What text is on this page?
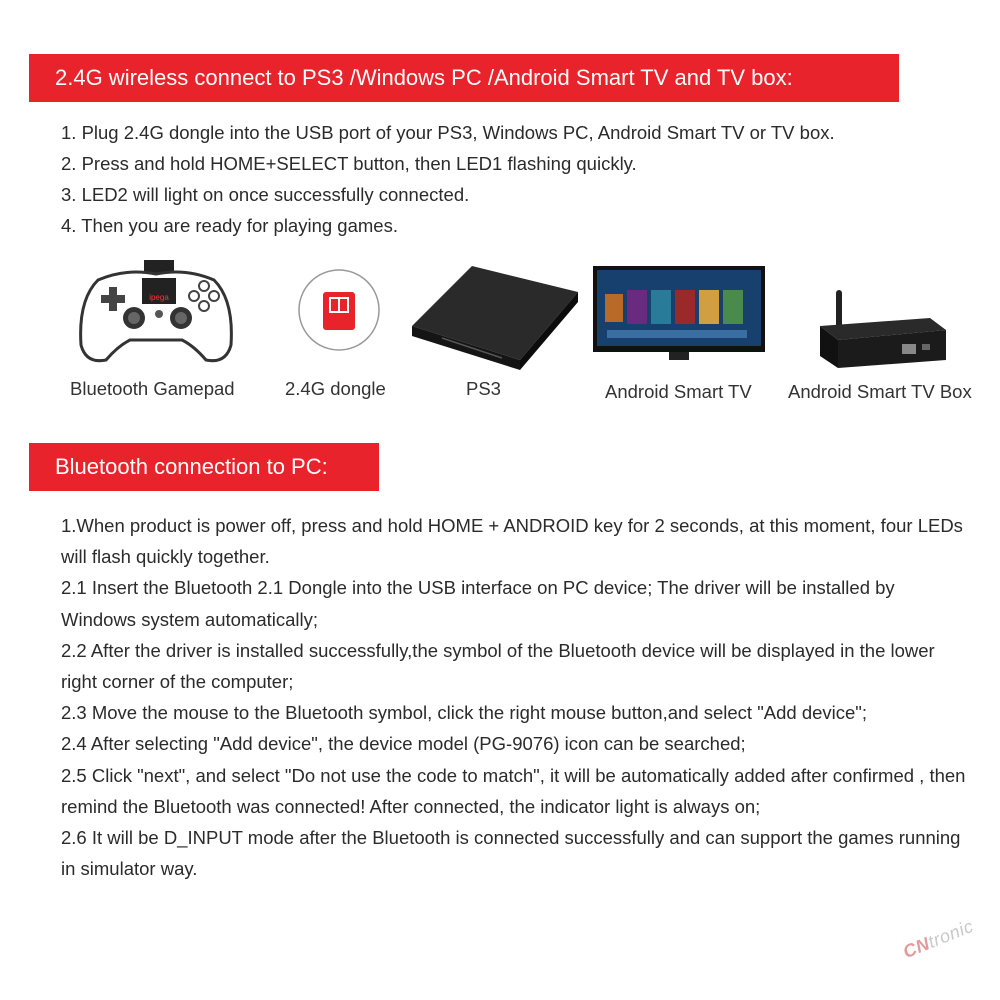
2.4G wireless connect to PS3 /Windows PC /Android Smart TV and TV box:
1. Plug 2.4G dongle into the USB port of your PS3, Windows PC, Android Smart TV or TV box.
2. Press and hold HOME+SELECT button, then LED1 flashing quickly.
3. LED2 will light on once successfully connected.
4. Then you are ready for playing games.
ipega
Bluetooth Gamepad	2.4G dongle	PS3	Android Smart TV Android Smart TV Box
Bluetooth connection to PC:

1.When product is power off, press and hold HOME + ANDROID key for 2 seconds, at this moment, four LEDs will flash quickly together.

2.1 Insert the Bluetooth 2.1 Dongle into the USB interface on PC device; The driver will be installed by Windows system automatically;

2.2 After the driver is installed successfully,the symbol of the Bluetooth device will be displayed in the lower right corner of the computer;

2.3 Move the mouse to the Bluetooth symbol, click the right mouse button,and select "Add device";

2.4 After selecting "Add device", the device model (PG-9076) icon can be searched;

2.5 Click "next", and select "Do not use the code to match", it will be automatically added after confirmed , then remind the Bluetooth was connected! After connected, the indicator light is always on;

2.6 It will be D_INPUT mode after the Bluetooth is connected successfully and can support the games running in simulator way.

CNtronic
